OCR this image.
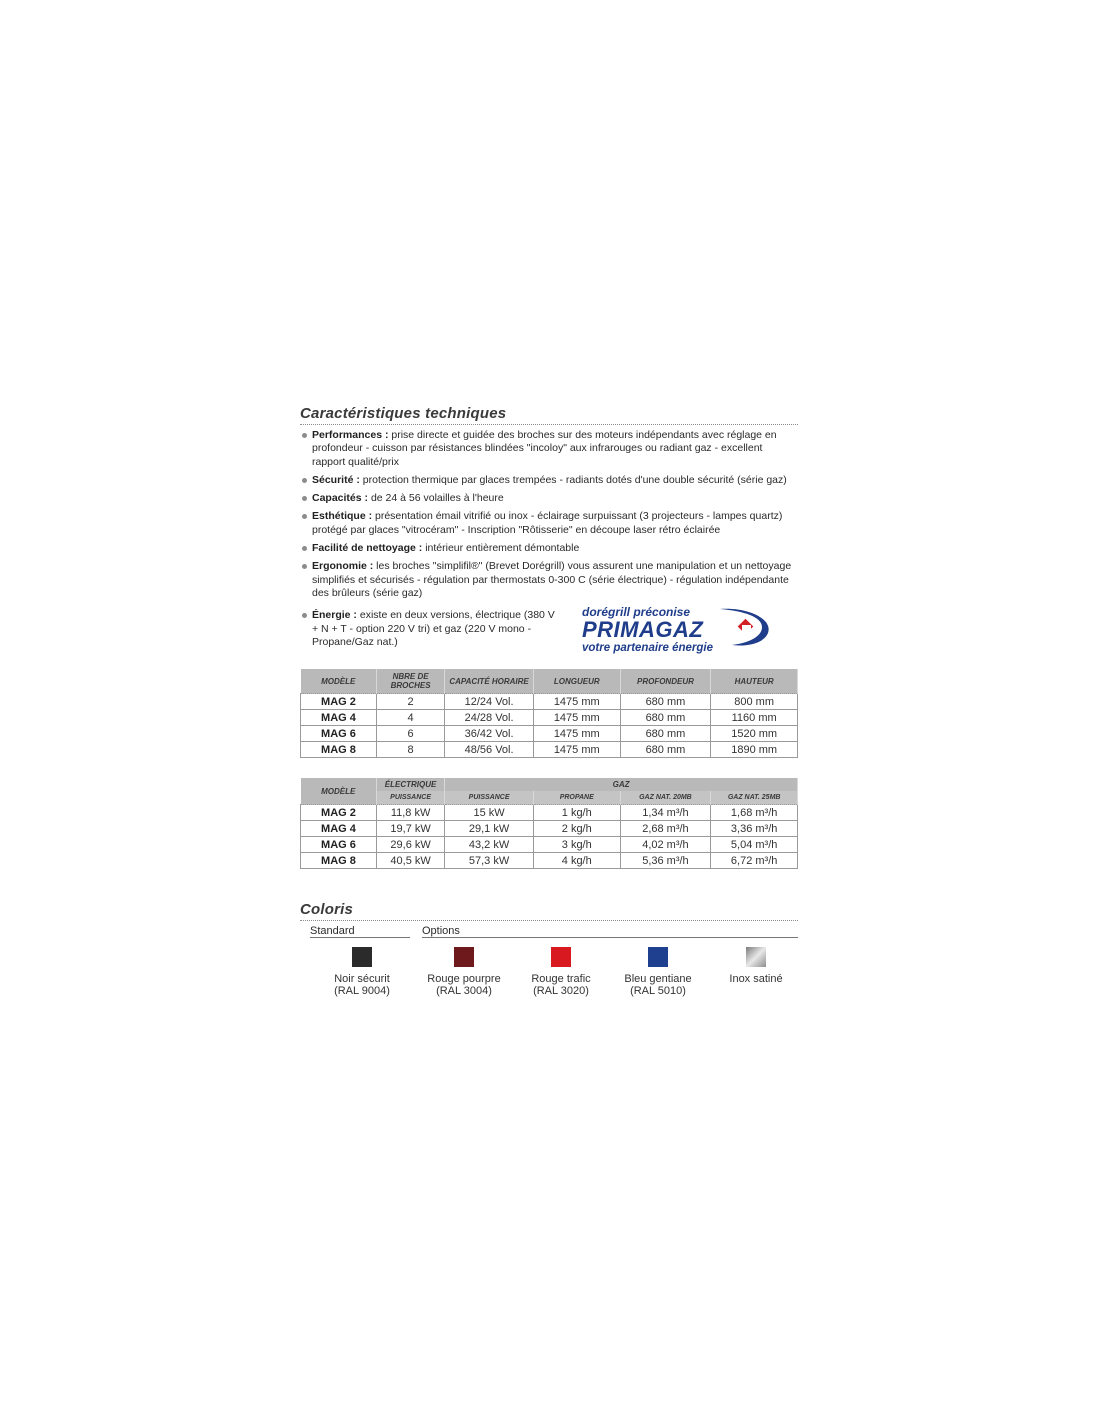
Caractéristiques techniques
Performances : prise directe et guidée des broches sur des moteurs indépendants avec réglage en profondeur - cuisson par résistances blindées "incoloy" aux infrarouges ou radiant gaz - excellent rapport qualité/prix
Sécurité : protection thermique par glaces trempées - radiants dotés d'une double sécurité (série gaz)
Capacités : de 24 à 56 volailles à l'heure
Esthétique : présentation émail vitrifié ou inox - éclairage surpuissant (3 projecteurs - lampes quartz) protégé par glaces "vitrocéram" - Inscription "Rôtisserie" en découpe laser rétro éclairée
Facilité de nettoyage : intérieur entièrement démontable
Ergonomie : les broches "simplifil®" (Brevet Dorégrill) vous assurent une manipulation et un nettoyage simplifiés et sécurisés - régulation par thermostats 0-300 C (série électrique) - régulation indépendante des brûleurs (série gaz)
Énergie : existe en deux versions, électrique (380 V + N + T - option 220 V tri) et gaz (220 V mono - Propane/Gaz nat.)
dorégrill préconise
PRIMAGAZ
votre partenaire énergie
MODÈLE	NBRE DE BROCHES	CAPACITÉ HORAIRE	LONGUEUR	PROFONDEUR	HAUTEUR
MAG 2	2	12/24 Vol.	1475 mm	680 mm	800 mm
MAG 4	4	24/28 Vol.	1475 mm	680 mm	1160 mm
MAG 6	6	36/42 Vol.	1475 mm	680 mm	1520 mm
MAG 8	8	48/56 Vol.	1475 mm	680 mm	1890 mm
MODÈLE	ÉLECTRIQUE	GAZ			
	PUISSANCE	PUISSANCE	PROPANE	GAZ NAT. 20MB	GAZ NAT. 25MB
MAG 2	11,8 kW	15 kW	1 kg/h	1,34 m³/h	1,68 m³/h
MAG 4	19,7 kW	29,1 kW	2 kg/h	2,68 m³/h	3,36 m³/h
MAG 6	29,6 kW	43,2 kW	3 kg/h	4,02 m³/h	5,04 m³/h
MAG 8	40,5 kW	57,3 kW	4 kg/h	5,36 m³/h	6,72 m³/h
Coloris
Standard	Options
Noir sécurit
(RAL 9004)
Rouge pourpre
(RAL 3004)
Rouge trafic
(RAL 3020)
Bleu gentiane
(RAL 5010)
Inox satiné
